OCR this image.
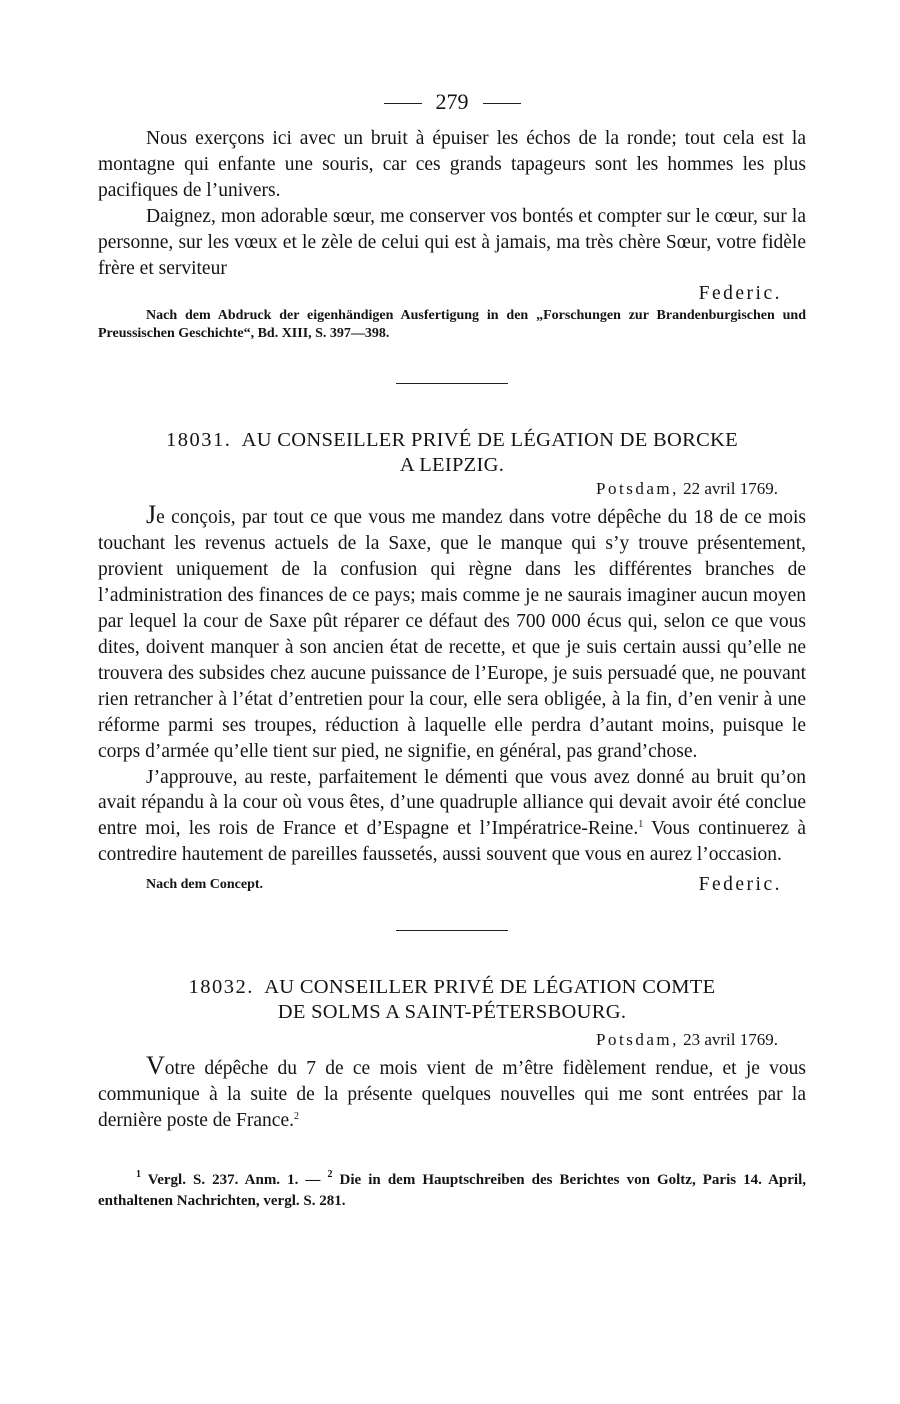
279

Nous exerçons ici avec un bruit à épuiser les échos de la ronde; tout cela est la montagne qui enfante une souris, car ces grands tapageurs sont les hommes les plus pacifiques de l’univers.

Daignez, mon adorable sœur, me conserver vos bontés et compter sur le cœur, sur la personne, sur les vœux et le zèle de celui qui est à jamais, ma très chère Sœur, votre fidèle frère et serviteur

Federic.
Nach dem Abdruck der eigenhändigen Ausfertigung in den „Forschungen zur Brandenburgischen und Preussischen Geschichte“, Bd. XIII, S. 397—398.
18031. AU CONSEILLER PRIVÉ DE LÉGATION DE BORCKE
A LEIPZIG.
Potsdam, 22 avril 1769.

Je conçois, par tout ce que vous me mandez dans votre dépêche du 18 de ce mois touchant les revenus actuels de la Saxe, que le manque qui s’y trouve présentement, provient uniquement de la confusion qui règne dans les différentes branches de l’administration des finances de ce pays; mais comme je ne saurais imaginer aucun moyen par lequel la cour de Saxe pût réparer ce défaut des 700 000 écus qui, selon ce que vous dites, doivent manquer à son ancien état de recette, et que je suis certain aussi qu’elle ne trouvera des subsides chez aucune puissance de l’Europe, je suis persuadé que, ne pouvant rien retrancher à l’état d’entretien pour la cour, elle sera obligée, à la fin, d’en venir à une réforme parmi ses troupes, réduction à laquelle elle perdra d’autant moins, puisque le corps d’armée qu’elle tient sur pied, ne signifie, en général, pas grand’chose.

J’approuve, au reste, parfaitement le démenti que vous avez donné au bruit qu’on avait répandu à la cour où vous êtes, d’une quadruple alliance qui devait avoir été conclue entre moi, les rois de France et d’Espagne et l’Impératrice-Reine.$^1$ Vous continuerez à contredire hautement de pareilles faussetés, aussi souvent que vous en aurez l’occasion.

Nach dem Concept.	Federic.
18032. AU CONSEILLER PRIVÉ DE LÉGATION COMTE
DE SOLMS A SAINT-PÉTERSBOURG.
Potsdam, 23 avril 1769.

Votre dépêche du 7 de ce mois vient de m’être fidèlement rendue, et je vous communique à la suite de la présente quelques nouvelles qui me sont entrées par la dernière poste de France.$^2$

$^1$ Vergl. S. 237. Anm. 1. — $^2$ Die in dem Hauptschreiben des Berichtes von Goltz, Paris 14. April, enthaltenen Nachrichten, vergl. S. 281.
